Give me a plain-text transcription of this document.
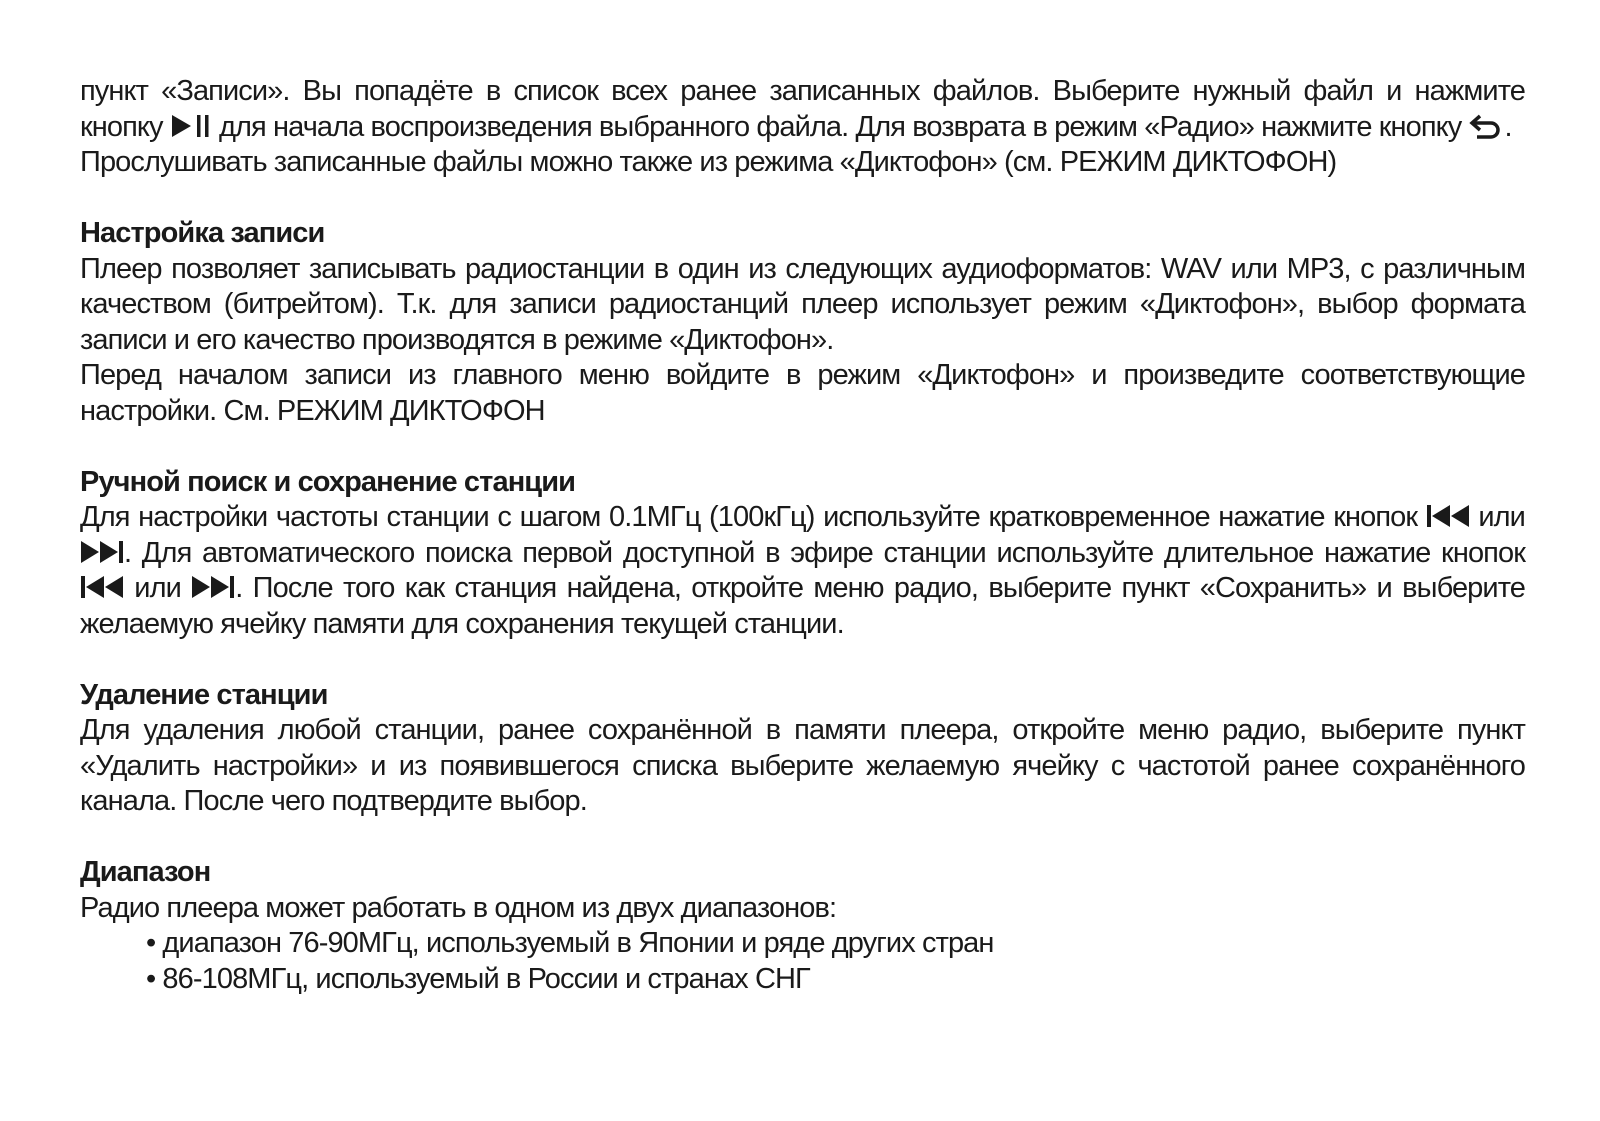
пункт «Записи». Вы попадёте в список всех ранее записанных файлов. Выберите нужный файл и нажмите кнопку для начала воспроизведения выбранного файла. Для возврата в режим «Радио» нажмите кнопку .

Прослушивать записанные файлы можно также из режима «Диктофон» (см. РЕЖИМ ДИКТОФОН)

Настройка записи

Плеер позволяет записывать радиостанции в один из следующих аудиоформатов: WAV или MP3, с различным качеством (битрейтом). Т.к. для записи радиостанций плеер использует режим «Диктофон», выбор формата записи и его качество производятся в режиме «Диктофон».

Перед началом записи из главного меню войдите в режим «Диктофон» и произведите соответствующие настройки. См. РЕЖИМ ДИКТОФОН

Ручной поиск и сохранение станции

Для настройки частоты станции с шагом 0.1МГц (100кГц) используйте кратковременное нажатие кнопок или
. Для автоматического поиска первой доступной в эфире станции используйте длительное нажатие кнопок
или . После того как станция найдена, откройте меню радио, выберите пункт «Сохранить» и выберите желаемую ячейку памяти для сохранения текущей станции.

Удаление станции

Для удаления любой станции, ранее сохранённой в памяти плеера, откройте меню радио, выберите пункт «Удалить настройки» и из появившегося списка выберите желаемую ячейку с частотой ранее сохранённого канала. После чего подтвердите выбор.

Диапазон

Радио плеера может работать в одном из двух диапазонов:

• диапазон 76-90МГц, используемый в Японии и ряде других стран
• 86-108МГц, используемый в России и странах СНГ
